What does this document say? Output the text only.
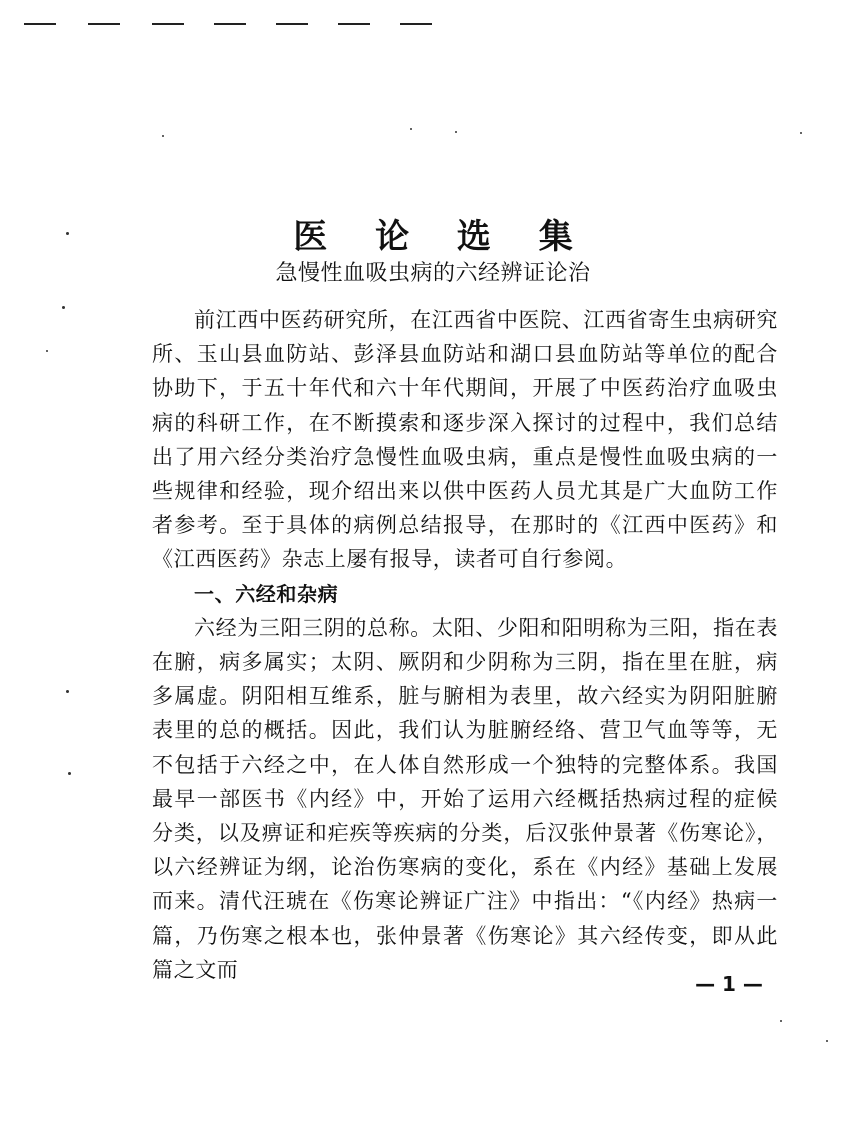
医 论 选 集
急慢性血吸虫病的六经辨证论治

前江西中医药研究所，在江西省中医院、江西省寄生虫病研究所、玉山县血防站、彭泽县血防站和湖口县血防站等单位的配合协助下，于五十年代和六十年代期间，开展了中医药治疗血吸虫病的科研工作，在不断摸索和逐步深入探讨的过程中，我们总结出了用六经分类治疗急慢性血吸虫病，重点是慢性血吸虫病的一些规律和经验，现介绍出来以供中医药人员尤其是广大血防工作者参考。至于具体的病例总结报导，在那时的《江西中医药》和《江西医药》杂志上屡有报导，读者可自行参阅。

一、六经和杂病

六经为三阳三阴的总称。太阳、少阳和阳明称为三阳，指在表在腑，病多属实；太阴、厥阴和少阴称为三阴，指在里在脏，病多属虚。阴阳相互维系，脏与腑相为表里，故六经实为阴阳脏腑表里的总的概括。因此，我们认为脏腑经络、营卫气血等等，无不包括于六经之中，在人体自然形成一个独特的完整体系。我国最早一部医书《内经》中，开始了运用六经概括热病过程的症候分类，以及痹证和疟疾等疾病的分类，后汉张仲景著《伤寒论》，以六经辨证为纲，论治伤寒病的变化，系在《内经》基础上发展而来。清代汪琥在《伤寒论辨证广注》中指出：“《内经》热病一篇，乃伤寒之根本也，张仲景著《伤寒论》其六经传变，即从此篇之文而

— 1 —
